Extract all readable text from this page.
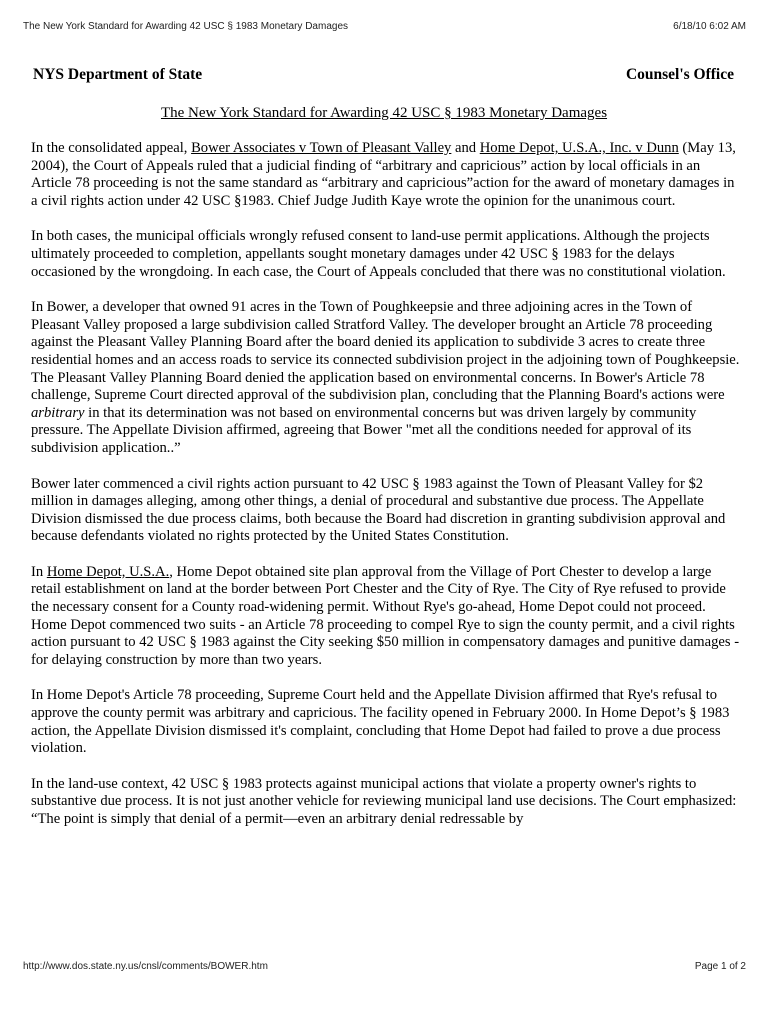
The New York Standard for Awarding 42 USC § 1983 Monetary Damages	6/18/10 6:02 AM
NYS Department of State	Counsel's Office
The New York Standard for Awarding 42 USC § 1983 Monetary Damages

In the consolidated appeal, Bower Associates v Town of Pleasant Valley and Home Depot, U.S.A., Inc. v Dunn (May 13, 2004), the Court of Appeals ruled that a judicial finding of “arbitrary and capricious” action by local officials in an Article 78 proceeding is not the same standard as “arbitrary and capricious”action for the award of monetary damages in a civil rights action under 42 USC §1983. Chief Judge Judith Kaye wrote the opinion for the unanimous court.

In both cases, the municipal officials wrongly refused consent to land-use permit applications. Although the projects ultimately proceeded to completion, appellants sought monetary damages under 42 USC § 1983 for the delays occasioned by the wrongdoing. In each case, the Court of Appeals concluded that there was no constitutional violation.

In Bower, a developer that owned 91 acres in the Town of Poughkeepsie and three adjoining acres in the Town of Pleasant Valley proposed a large subdivision called Stratford Valley. The developer brought an Article 78 proceeding against the Pleasant Valley Planning Board after the board denied its application to subdivide 3 acres to create three residential homes and an access roads to service its connected subdivision project in the adjoining town of Poughkeepsie. The Pleasant Valley Planning Board denied the application based on environmental concerns. In Bower's Article 78 challenge, Supreme Court directed approval of the subdivision plan, concluding that the Planning Board's actions were arbitrary in that its determination was not based on environmental concerns but was driven largely by community pressure. The Appellate Division affirmed, agreeing that Bower "met all the conditions needed for approval of its subdivision application..”

Bower later commenced a civil rights action pursuant to 42 USC § 1983 against the Town of Pleasant Valley for $2 million in damages alleging, among other things, a denial of procedural and substantive due process. The Appellate Division dismissed the due process claims, both because the Board had discretion in granting subdivision approval and because defendants violated no rights protected by the United States Constitution.

In Home Depot, U.S.A., Home Depot obtained site plan approval from the Village of Port Chester to develop a large retail establishment on land at the border between Port Chester and the City of Rye. The City of Rye refused to provide the necessary consent for a County road-widening permit. Without Rye's go-ahead, Home Depot could not proceed. Home Depot commenced two suits - an Article 78 proceeding to compel Rye to sign the county permit, and a civil rights action pursuant to 42 USC § 1983 against the City seeking $50 million in compensatory damages and punitive damages - for delaying construction by more than two years.

In Home Depot's Article 78 proceeding, Supreme Court held and the Appellate Division affirmed that Rye's refusal to approve the county permit was arbitrary and capricious. The facility opened in February 2000. In Home Depot’s § 1983 action, the Appellate Division dismissed it's complaint, concluding that Home Depot had failed to prove a due process violation.

In the land-use context, 42 USC § 1983 protects against municipal actions that violate a property owner's rights to substantive due process. It is not just another vehicle for reviewing municipal land use decisions. The Court emphasized: “The point is simply that denial of a permit—even an arbitrary denial redressable by

http://www.dos.state.ny.us/cnsl/comments/BOWER.htm	Page 1 of 2
